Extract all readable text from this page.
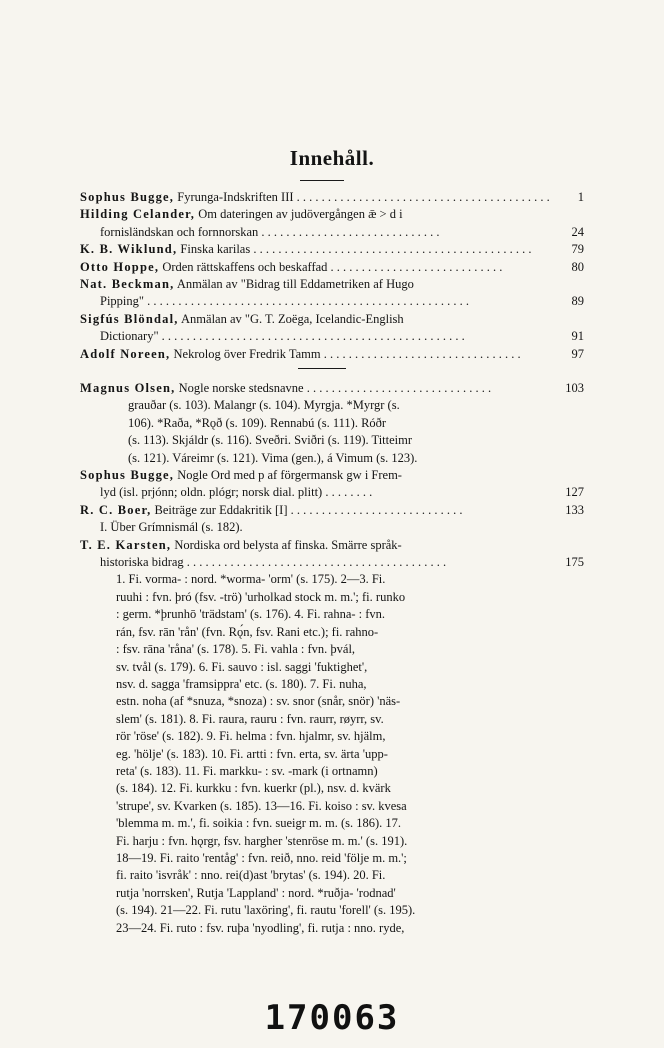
Innehåll.
Sophus Bugge, Fyrunga-Indskriften III . . . . . . . . . . . . . . . . . . . . . . . . . . . . . . . . . . . . . . . . .	1
Hilding Celander, Om dateringen av judövergången ǣ > d i
fornisländskan och fornnorskan . . . . . . . . . . . . . . . . . . . . . . . . . . . . .	24
K. B. Wiklund, Finska karilas . . . . . . . . . . . . . . . . . . . . . . . . . . . . . . . . . . . . . . . . . . . . .	79
Otto Hoppe, Orden rättskaffens och beskaffad . . . . . . . . . . . . . . . . . . . . . . . . . . . .	80
Nat. Beckman, Anmälan av "Bidrag till Eddametriken af Hugo
Pipping" . . . . . . . . . . . . . . . . . . . . . . . . . . . . . . . . . . . . . . . . . . . . . . . . . . . .	89
Sigfús Blöndal, Anmälan av "G. T. Zoëga, Icelandic-English
Dictionary" . . . . . . . . . . . . . . . . . . . . . . . . . . . . . . . . . . . . . . . . . . . . . . . . .	91
Adolf Noreen, Nekrolog över Fredrik Tamm . . . . . . . . . . . . . . . . . . . . . . . . . . . . . . . .	97
Magnus Olsen, Nogle norske stedsnavne . . . . . . . . . . . . . . . . . . . . . . . . . . . . . .	103
grauðar (s. 103). Malangr (s. 104). Myrgja. *Myrgr (s.
106). *Raða, *Rǫð (s. 109). Rennabú (s. 111). Róðr
(s. 113). Skjáldr (s. 116). Sveðri. Sviðri (s. 119). Titteimr
(s. 121). Váreimr (s. 121). Vima (gen.), á Vimum (s. 123).
Sophus Bugge, Nogle Ord med p af förgermansk gw i Frem-
lyd (isl. prjónn; oldn. plógr; norsk dial. plitt) . . . . . . . .	127
R. C. Boer, Beiträge zur Eddakritik [I] . . . . . . . . . . . . . . . . . . . . . . . . . . . .	133
I. Über Grímnismál (s. 182).
T. E. Karsten, Nordiska ord belysta af finska. Smärre språk-
historiska bidrag . . . . . . . . . . . . . . . . . . . . . . . . . . . . . . . . . . . . . . . . . .	175
1. Fi. vorma- : nord. *worma- 'orm' (s. 175). 2—3. Fi.
ruuhi : fvn. þró (fsv. -trö) 'urholkad stock m. m.'; fi. runko
: germ. *þrunhō 'trädstam' (s. 176). 4. Fi. rahna- : fvn.
rán, fsv. rān 'rån' (fvn. Rǫ́n, fsv. Rani etc.); fi. rahno-
: fsv. rāna 'råna' (s. 178). 5. Fi. vahla : fvn. þvál,
sv. tvål (s. 179). 6. Fi. sauvo : isl. saggi 'fuktighet',
nsv. d. sagga 'framsippra' etc. (s. 180). 7. Fi. nuha,
estn. noha (af *snuza, *snoza) : sv. snor (snår, snör) 'näs-
slem' (s. 181). 8. Fi. raura, rauru : fvn. raurr, røyrr, sv.
rör 'röse' (s. 182). 9. Fi. helma : fvn. hjalmr, sv. hjälm,
eg. 'hölje' (s. 183). 10. Fi. artti : fvn. erta, sv. ärta 'upp-
reta' (s. 183). 11. Fi. markku- : sv. -mark (i ortnamn)
(s. 184). 12. Fi. kurkku : fvn. kuerkr (pl.), nsv. d. kvärk
'strupe', sv. Kvarken (s. 185). 13—16. Fi. koiso : sv. kvesa
'blemma m. m.', fi. soikia : fvn. sueigr m. m. (s. 186). 17.
Fi. harju : fvn. hǫrgr, fsv. hargher 'stenröse m. m.' (s. 191).
18—19. Fi. raito 'rentåg' : fvn. reið, nno. reid 'följe m. m.';
fi. raito 'isvråk' : nno. rei(d)ast 'brytas' (s. 194). 20. Fi.
rutja 'norrsken', Rutja 'Lappland' : nord. *ruðja- 'rodnad'
(s. 194). 21—22. Fi. rutu 'laxöring', fi. rautu 'forell' (s. 195).
23—24. Fi. ruto : fsv. ruþa 'nyodling', fi. rutja : nno. ryde,
170063
